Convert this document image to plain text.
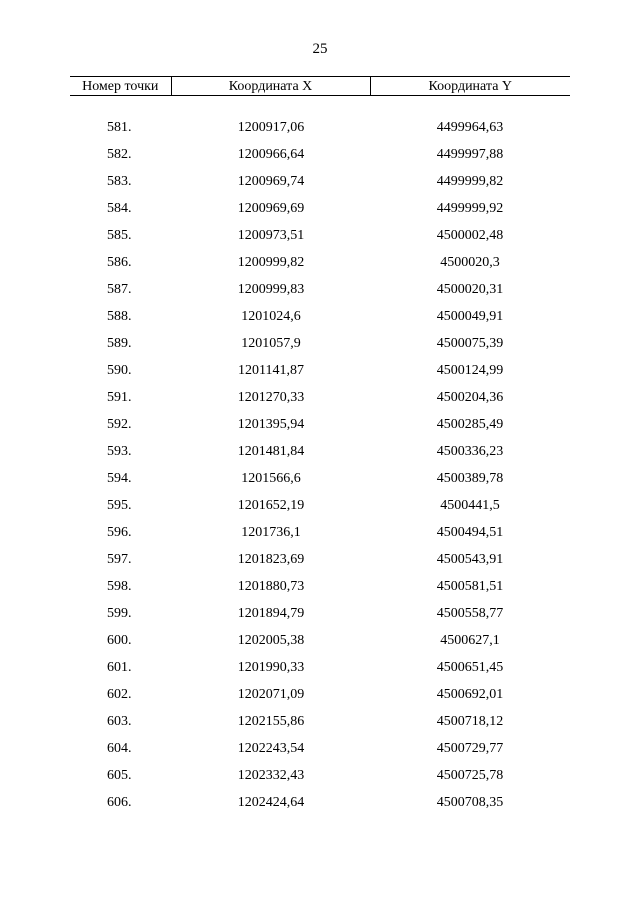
25
Номер точки	Координата X	Координата Y

581.	1200917,06	4499964,63
582.	1200966,64	4499997,88
583.	1200969,74	4499999,82
584.	1200969,69	4499999,92
585.	1200973,51	4500002,48
586.	1200999,82	4500020,3
587.	1200999,83	4500020,31
588.	1201024,6	4500049,91
589.	1201057,9	4500075,39
590.	1201141,87	4500124,99
591.	1201270,33	4500204,36
592.	1201395,94	4500285,49
593.	1201481,84	4500336,23
594.	1201566,6	4500389,78
595.	1201652,19	4500441,5
596.	1201736,1	4500494,51
597.	1201823,69	4500543,91
598.	1201880,73	4500581,51
599.	1201894,79	4500558,77
600.	1202005,38	4500627,1
601.	1201990,33	4500651,45
602.	1202071,09	4500692,01
603.	1202155,86	4500718,12
604.	1202243,54	4500729,77
605.	1202332,43	4500725,78
606.	1202424,64	4500708,35
